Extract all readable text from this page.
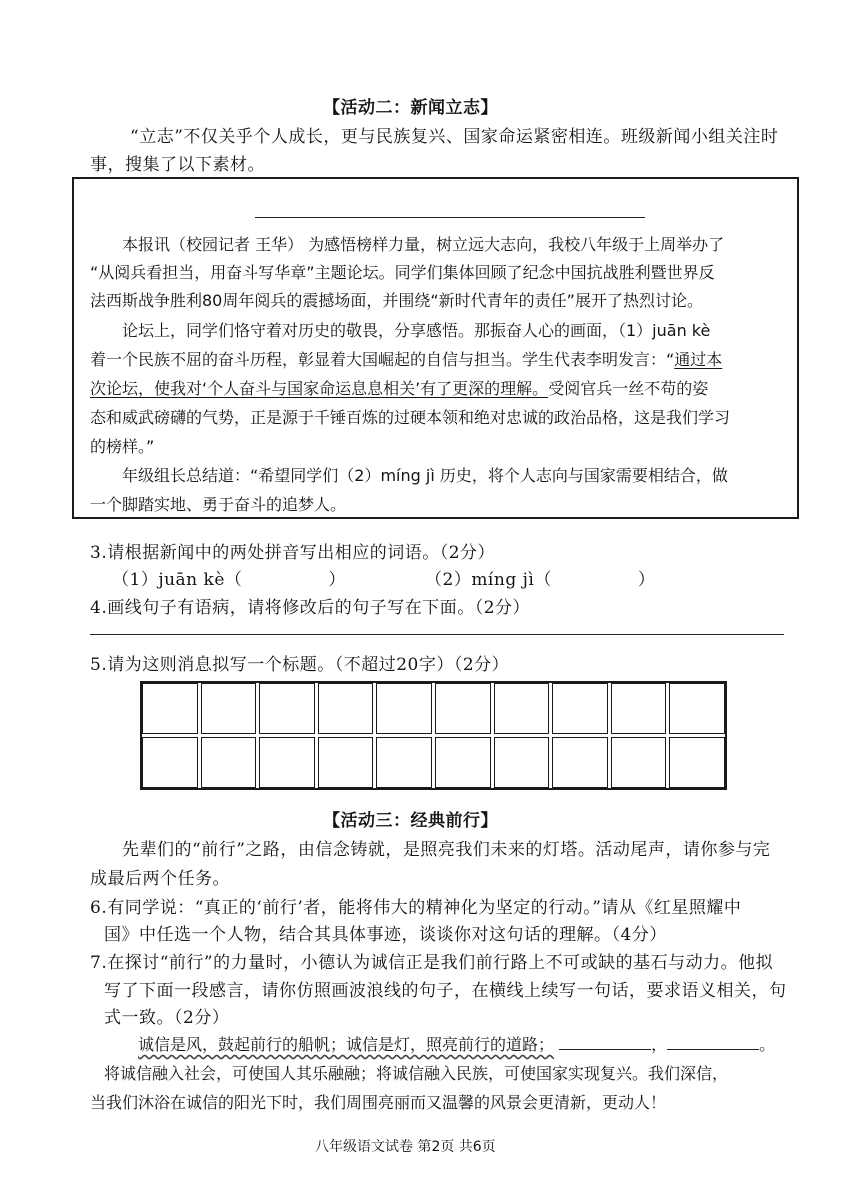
【活动二：新闻立志】
“立志”不仅关乎个人成长，更与民族复兴、国家命运紧密相连。班级新闻小组关注时
事，搜集了以下素材。
本报讯（校园记者 王华） 为感悟榜样力量，树立远大志向，我校八年级于上周举办了
“从阅兵看担当，用奋斗写华章”主题论坛。同学们集体回顾了纪念中国抗战胜利暨世界反
法西斯战争胜利80周年阅兵的震撼场面，并围绕“新时代青年的责任”展开了热烈讨论。
论坛上，同学们恪守着对历史的敬畏，分享感悟。那振奋人心的画面，（1）juān kè
着一个民族不屈的奋斗历程，彰显着大国崛起的自信与担当。学生代表李明发言：“通过本
次论坛，使我对‘个人奋斗与国家命运息息相关’有了更深的理解。受阅官兵一丝不苟的姿
态和威武磅礴的气势，正是源于千锤百炼的过硬本领和绝对忠诚的政治品格，这是我们学习
的榜样。”
年级组长总结道：“希望同学们（2）míng jì 历史，将个人志向与国家需要相结合，做
一个脚踏实地、勇于奋斗的追梦人。
3.请根据新闻中的两处拼音写出相应的词语。（2分）
（1）juān kè（	）	（2）míng jì（	）
4.画线句子有语病，请将修改后的句子写在下面。（2分）
5.请为这则消息拟写一个标题。（不超过20字）（2分）
【活动三：经典前行】
先辈们的“前行”之路，由信念铸就，是照亮我们未来的灯塔。活动尾声，请你参与完
成最后两个任务。
6.有同学说：“真正的‘前行’者，能将伟大的精神化为坚定的行动。”请从《红星照耀中
国》中任选一个人物，结合其具体事迹，谈谈你对这句话的理解。（4分）
7.在探讨“前行”的力量时，小德认为诚信正是我们前行路上不可或缺的基石与动力。他拟
写了下面一段感言，请你仿照画波浪线的句子，在横线上续写一句话，要求语义相关，句
式一致。（2分）
诚信是风，鼓起前行的船帆；诚信是灯，照亮前行的道路；	，	。
将诚信融入社会，可使国人其乐融融；将诚信融入民族，可使国家实现复兴。我们深信，
当我们沐浴在诚信的阳光下时，我们周围亮丽而又温馨的风景会更清新，更动人！
八年级语文试卷 第2页 共6页
